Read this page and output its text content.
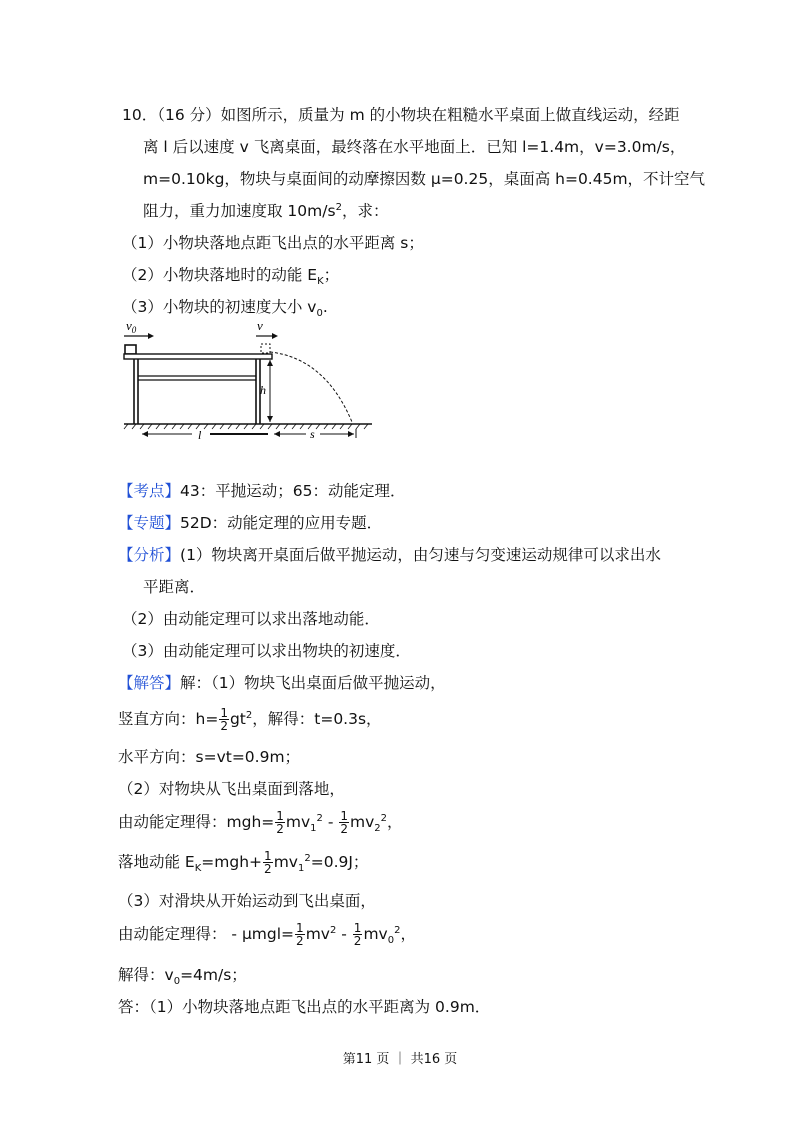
10．（16 分）如图所示，质量为 m 的小物块在粗糙水平桌面上做直线运动，经距
离 l 后以速度 v 飞离桌面，最终落在水平地面上．已知 l=1.4m，v=3.0m/s，
m=0.10kg，物块与桌面间的动摩擦因数 μ=0.25，桌面高 h=0.45m，不计空气
阻力，重力加速度取 $10m/s^2$，求：
（1）小物块落地点距飞出点的水平距离 s；
（2）小物块落地时的动能 $E_K$；
（3）小物块的初速度大小 $v_0$.
$v_0$	v
h
l	s
【考点】43：平抛运动；65：动能定理．
【专题】52D：动能定理的应用专题．
【分析】(1）物块离开桌面后做平抛运动，由匀速与匀变速运动规律可以求出水
平距离．
（2）由动能定理可以求出落地动能．
（3）由动能定理可以求出物块的初速度．
【解答】解：（1）物块飞出桌面后做平抛运动，
竖直方向：$h= \frac{1}{2} gt^2$，解得：t=0.3s，
水平方向：s=vt=0.9m；
（2）对物块从飞出桌面到落地，
由动能定理得：$mgh= \frac{1}{2} mv_1^2 - \frac{1}{2} mv_2^2$，
落地动能 $E_K=mgh+ \frac{1}{2} mv_1^2=0.9J$；
（3）对滑块从开始运动到飞出桌面，
由动能定理得： - $\mu mgl= \frac{1}{2} mv^2 - \frac{1}{2} mv_0^2$，
解得：$v_0=4m/s$；
答：（1）小物块落地点距飞出点的水平距离为 0.9m．
第11 页 ｜ 共16 页
